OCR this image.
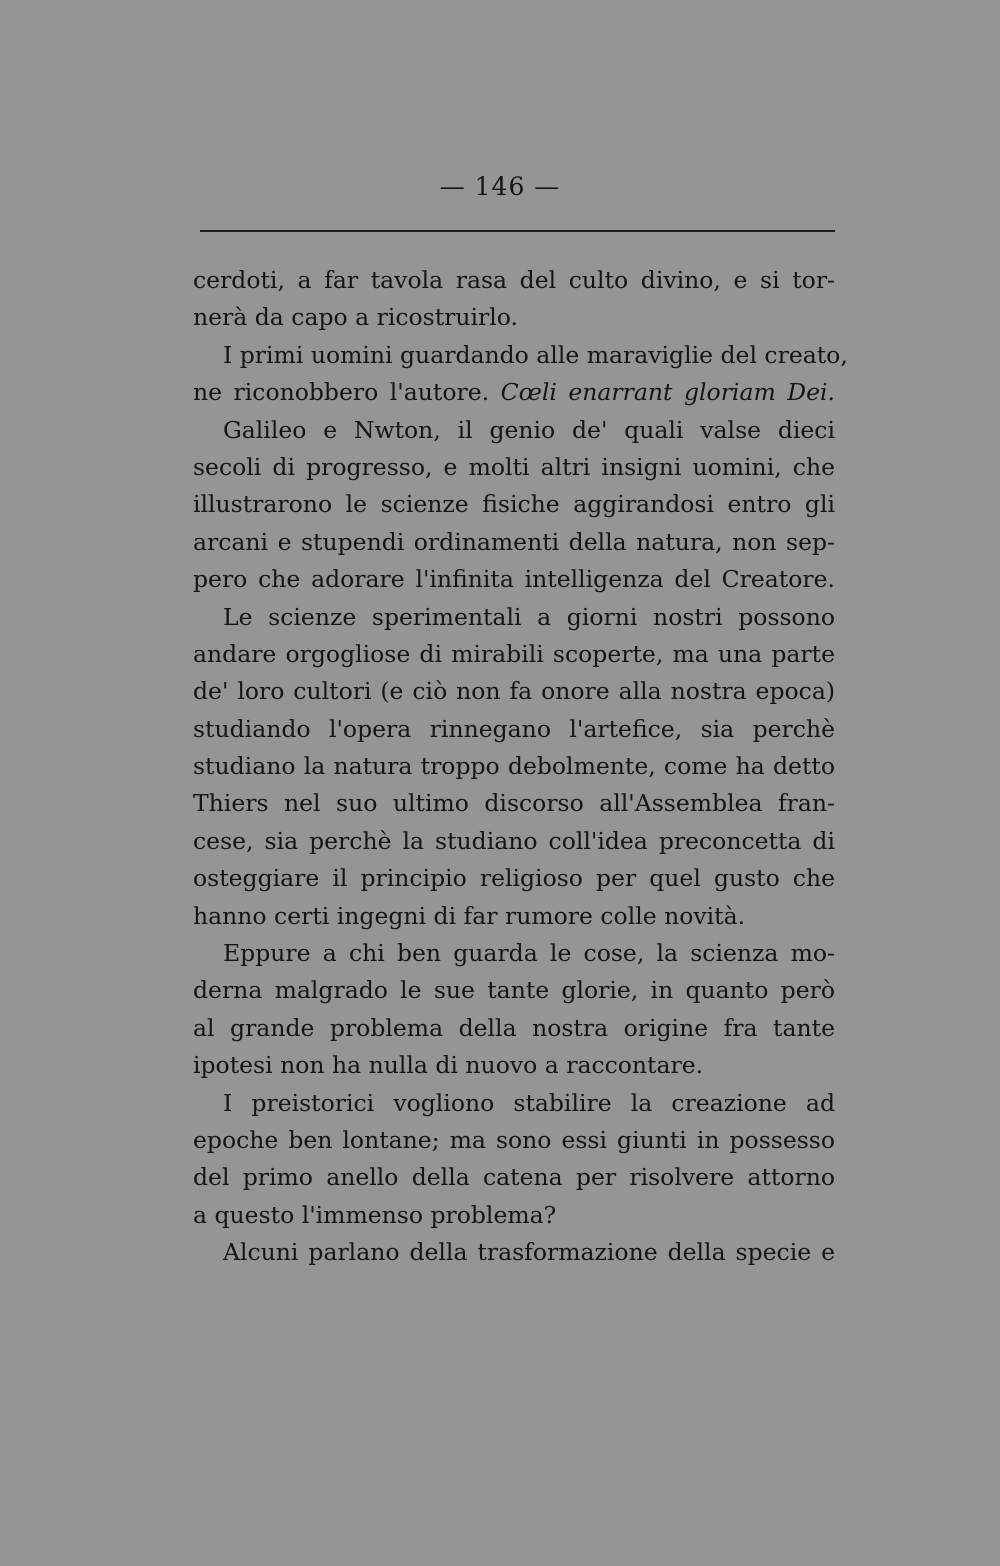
— 146 —
cerdoti, a far tavola rasa del culto divino, e si tor-
nerà da capo a ricostruirlo.
I primi uomini guardando alle maraviglie del creato,
ne riconobbero l'autore. Cœli enarrant gloriam Dei.
Galileo e Nwton, il genio de' quali valse dieci
secoli di progresso, e molti altri insigni uomini, che
illustrarono le scienze fisiche aggirandosi entro gli
arcani e stupendi ordinamenti della natura, non sep-
pero che adorare l'infinita intelligenza del Creatore.
Le scienze sperimentali a giorni nostri possono
andare orgogliose di mirabili scoperte, ma una parte
de' loro cultori (e ciò non fa onore alla nostra epoca)
studiando l'opera rinnegano l'artefice, sia perchè
studiano la natura troppo debolmente, come ha detto
Thiers nel suo ultimo discorso all'Assemblea fran-
cese, sia perchè la studiano coll'idea preconcetta di
osteggiare il principio religioso per quel gusto che
hanno certi ingegni di far rumore colle novità.
Eppure a chi ben guarda le cose, la scienza mo-
derna malgrado le sue tante glorie, in quanto però
al grande problema della nostra origine fra tante
ipotesi non ha nulla di nuovo a raccontare.
I preistorici vogliono stabilire la creazione ad
epoche ben lontane; ma sono essi giunti in possesso
del primo anello della catena per risolvere attorno
a questo l'immenso problema?
Alcuni parlano della trasformazione della specie e
